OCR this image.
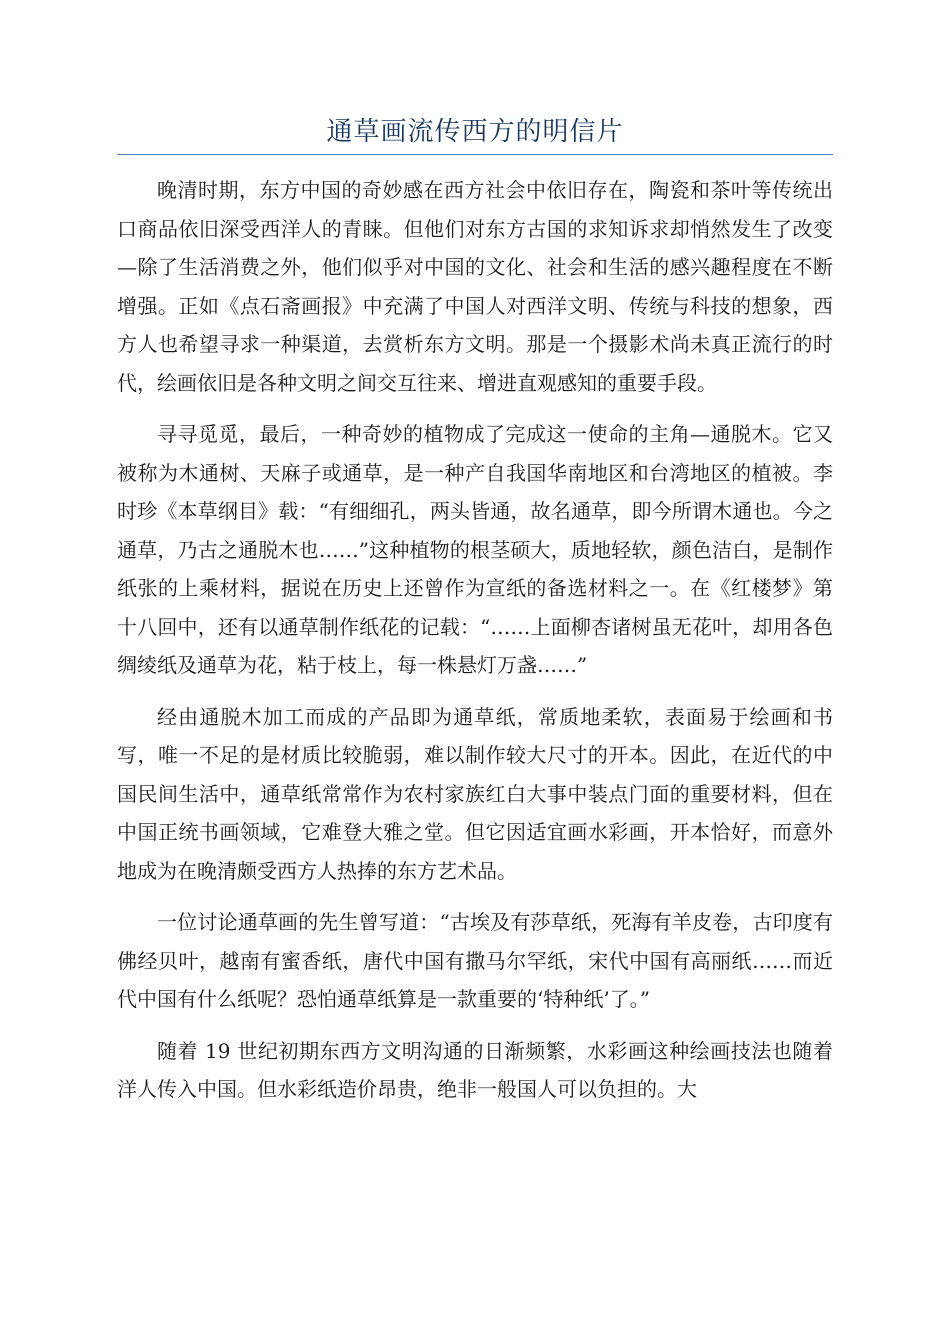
通草画流传西方的明信片

晚清时期，东方中国的奇妙感在西方社会中依旧存在，陶瓷和茶叶等传统出口商品依旧深受西洋人的青睐。但他们对东方古国的求知诉求却悄然发生了改变—除了生活消费之外，他们似乎对中国的文化、社会和生活的感兴趣程度在不断增强。正如《点石斋画报》中充满了中国人对西洋文明、传统与科技的想象，西方人也希望寻求一种渠道，去赏析东方文明。那是一个摄影术尚未真正流行的时代，绘画依旧是各种文明之间交互往来、增进直观感知的重要手段。

寻寻觅觅，最后，一种奇妙的植物成了完成这一使命的主角—通脱木。它又被称为木通树、天麻子或通草，是一种产自我国华南地区和台湾地区的植被。李时珍《本草纲目》载：“有细细孔，两头皆通，故名通草，即今所谓木通也。今之通草，乃古之通脱木也……”这种植物的根茎硕大，质地轻软，颜色洁白，是制作纸张的上乘材料，据说在历史上还曾作为宣纸的备选材料之一。在《红楼梦》第十八回中，还有以通草制作纸花的记载：“……上面柳杏诸树虽无花叶，却用各色绸绫纸及通草为花，粘于枝上，每一株悬灯万盏……”

经由通脱木加工而成的产品即为通草纸，常质地柔软，表面易于绘画和书写，唯一不足的是材质比较脆弱，难以制作较大尺寸的开本。因此，在近代的中国民间生活中，通草纸常常作为农村家族红白大事中装点门面的重要材料，但在中国正统书画领域，它难登大雅之堂。但它因适宜画水彩画，开本恰好，而意外地成为在晚清颇受西方人热捧的东方艺术品。

一位讨论通草画的先生曾写道：“古埃及有莎草纸，死海有羊皮卷，古印度有佛经贝叶，越南有蜜香纸，唐代中国有撒马尔罕纸，宋代中国有高丽纸……而近代中国有什么纸呢？恐怕通草纸算是一款重要的‘特种纸’了。”

随着 19 世纪初期东西方文明沟通的日渐频繁，水彩画这种绘画技法也随着洋人传入中国。但水彩纸造价昂贵，绝非一般国人可以负担的。大
